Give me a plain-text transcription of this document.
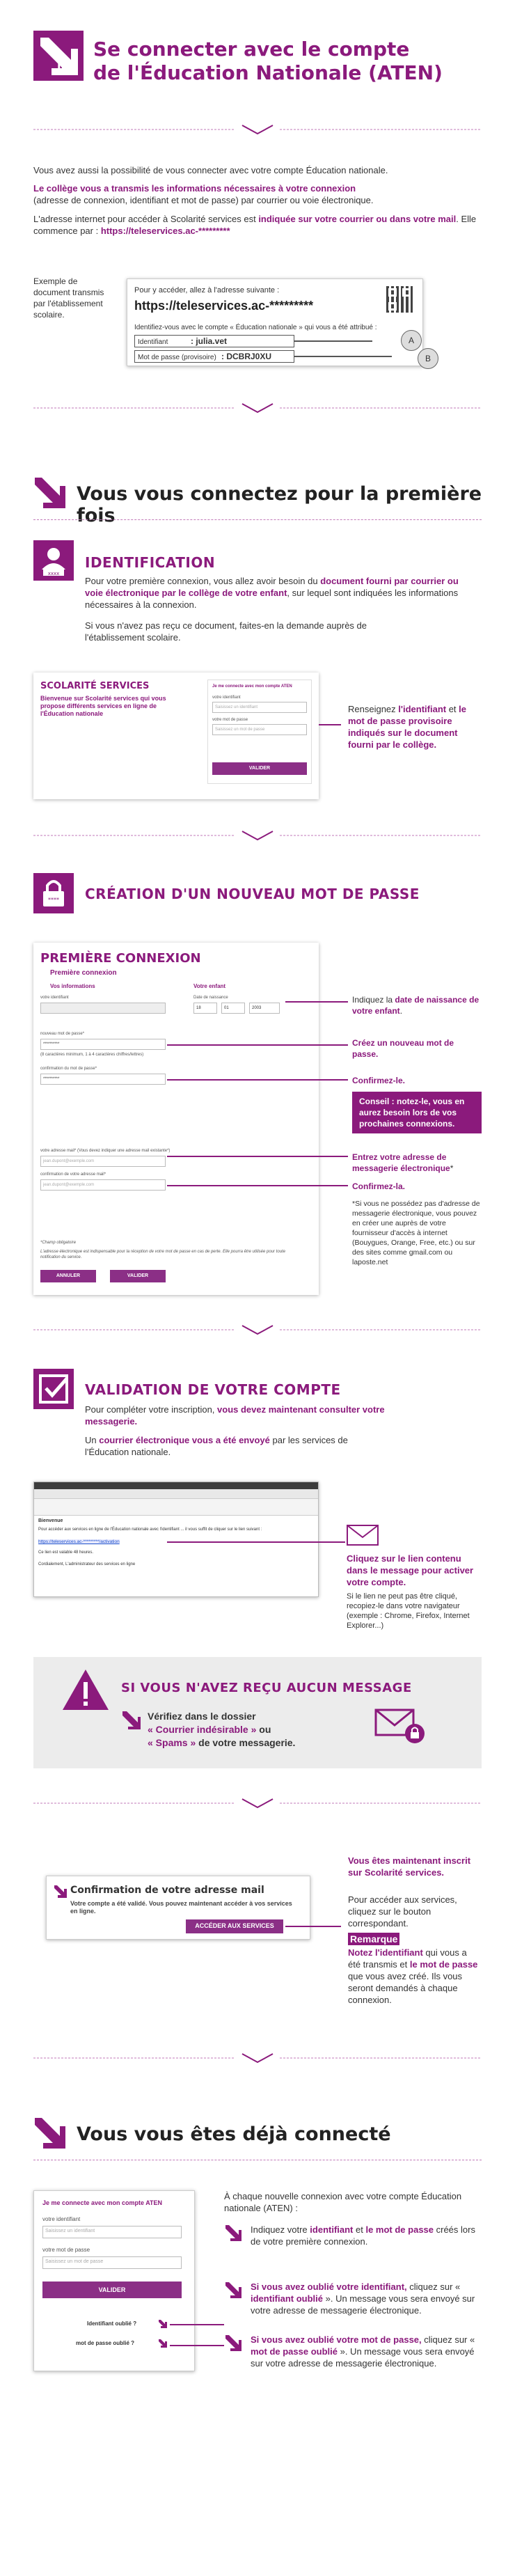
II.
Se connecter avec le compte
de l'Éducation Nationale (ATEN)
Vous avez aussi la possibilité de vous connecter avec votre compte Éducation nationale.
Le collège vous a transmis les informations nécessaires à votre connexion
(adresse de connexion, identifiant et mot de passe) par courrier ou voie électronique.
L'adresse internet pour accéder à Scolarité services est indiquée sur votre courrier ou dans votre mail. Elle commence par : https://teleservices.ac-*********
Exemple de document transmis par l'établissement scolaire.
Pour y accéder, allez à l'adresse suivante :
https://teleservices.ac-*********
Identifiez-vous avec le compte « Éducation nationale » qui vous a été attribué :
Identifiant	: julia.vet
Mot de passe (provisoire) : DCBRJ0XU
A
B
Vous vous connectez pour la première fois
xxxx
IDENTIFICATION
Pour votre première connexion, vous allez avoir besoin du document fourni par courrier ou voie électronique par le collège de votre enfant, sur lequel sont indiquées les informations nécessaires à la connexion.
Si vous n'avez pas reçu ce document, faites-en la demande auprès de l'établissement scolaire.
SCOLARITÉ SERVICES
Bienvenue sur Scolarité services qui vous propose différents services en ligne de l'Éducation nationale
Je me connecte avec mon compte ATEN
votre identifiant
Saisissez un identifiant
votre mot de passe
Saisissez un mot de passe
VALIDER
Renseignez l'identifiant et le mot de passe provisoire indiqués sur le document fourni par le collège.
**** CRÉATION D'UN NOUVEAU MOT DE PASSE
PREMIÈRE CONNEXION
Première connexion
Vos informations
votre identifiant
Votre enfant
Date de naissance
18	01	2003
nouveau mot de passe*
**********
(8 caractères minimum, 1 à 4 caractères chiffres/lettres)
confirmation du mot de passe*
**********
votre adresse mail* (Vous devez indiquer une adresse mail existante*)
jean.dupont@exemple.com
confirmation de votre adresse mail*
jean.dupont@exemple.com
*Champ obligatoire
L'adresse électronique est indispensable pour la réception de votre mot de passe en cas de perte. Elle pourra être utilisée pour toute notification du service.
ANNULER	VALIDER
Indiquez la date de naissance de votre enfant.
Créez un nouveau mot de passe.
Confirmez-le.
Conseil : notez-le, vous en aurez besoin lors de vos prochaines connexions.
Entrez votre adresse de messagerie électronique*
Confirmez-la.
*Si vous ne possédez pas d'adresse de messagerie électronique, vous pouvez en créer une auprès de votre fournisseur d'accès à internet (Bouygues, Orange, Free, etc.) ou sur des sites comme gmail.com ou laposte.net
VALIDATION DE VOTRE COMPTE
Pour compléter votre inscription, vous devez maintenant consulter votre messagerie.
Un courrier électronique vous a été envoyé par les services de l'Éducation nationale.
Bienvenue
Pour accéder aux services en ligne de l'Éducation nationale avec l'identifiant ... il vous suffit de cliquer sur le lien suivant :
https://teleservices.ac-*********/activation
Ce lien est valable 48 heures.
Cordialement, L'administrateur des services en ligne
Cliquez sur le lien contenu dans le message pour activer votre compte.
Si le lien ne peut pas être cliqué, recopiez-le dans votre navigateur (exemple : Chrome, Firefox, Internet Explorer...)
SI VOUS N'AVEZ REÇU AUCUN MESSAGE
Vérifiez dans le dossier
« Courrier indésirable » ou
« Spams » de votre messagerie.
Confirmation de votre adresse mail
Votre compte a été validé. Vous pouvez maintenant accéder à vos services en ligne.
ACCÉDER AUX SERVICES
Vous êtes maintenant inscrit sur Scolarité services.
Pour accéder aux services, cliquez sur le bouton correspondant.
Remarque
Notez l'identifiant qui vous a été transmis et le mot de passe que vous avez créé. Ils vous seront demandés à chaque connexion.
Vous vous êtes déjà connecté
Je me connecte avec mon compte ATEN
votre identifiant
Saisissez un identifiant
votre mot de passe
Saisissez un mot de passe
VALIDER
Identifiant oublié ?
mot de passe oublié ?
À chaque nouvelle connexion avec votre compte Éducation nationale (ATEN) :
Indiquez votre identifiant et le mot de passe créés lors de votre première connexion.
Si vous avez oublié votre identifiant, cliquez sur « identifiant oublié ». Un message vous sera envoyé sur votre adresse de messagerie électronique.
Si vous avez oublié votre mot de passe, cliquez sur « mot de passe oublié ». Un message vous sera envoyé sur votre adresse de messagerie électronique.
